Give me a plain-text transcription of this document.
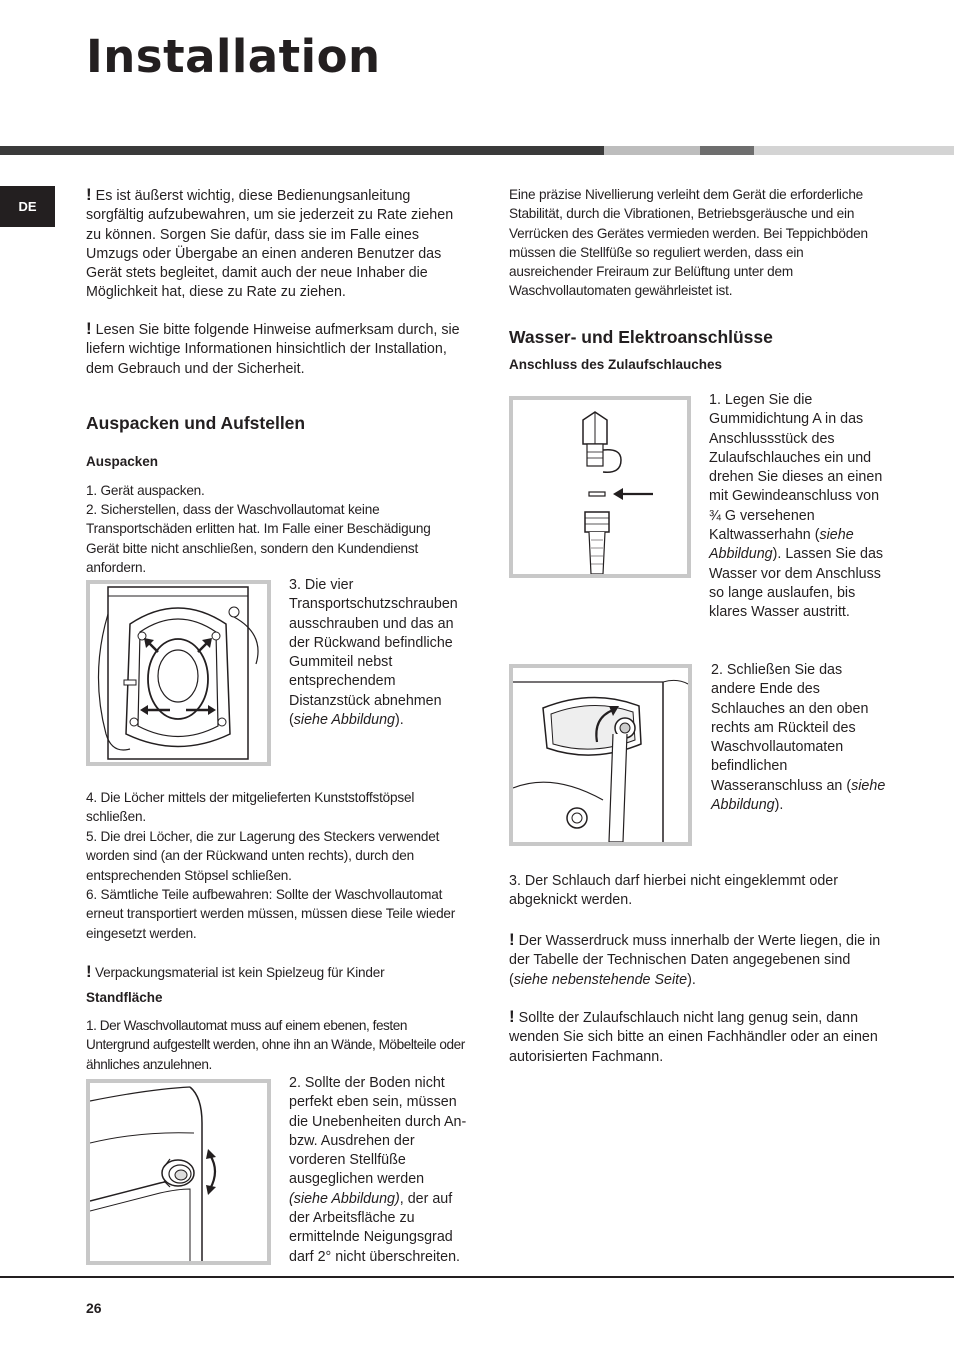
Installation
DE

! Es ist äußerst wichtig, diese Bedienungsanleitung sorgfältig aufzubewahren, um sie jederzeit zu Rate ziehen zu können. Sorgen Sie dafür, dass sie im Falle eines Umzugs oder Übergabe an einen anderen Benutzer das Gerät stets begleitet, damit auch der neue Inhaber die Möglichkeit hat, diese zu Rate zu ziehen.

! Lesen Sie bitte folgende Hinweise aufmerksam durch, sie liefern wichtige Informationen hinsichtlich der Installation, dem Gebrauch und der Sicherheit.

Auspacken und Aufstellen
Auspacken

1. Gerät auspacken.

2. Sicherstellen, dass der Waschvollautomat keine Transportschäden erlitten hat. Im Falle einer Beschädigung Gerät bitte nicht anschließen, sondern den Kundendienst anfordern.

3. Die vier Transportschutzschrauben ausschrauben und das an der Rückwand befindliche Gummiteil nebst entsprechendem Distanzstück abnehmen (siehe Abbildung).

4. Die Löcher mittels der mitgelieferten Kunststoffstöpsel schließen.

5. Die drei Löcher, die zur Lagerung des Steckers verwendet worden sind (an der Rückwand unten rechts), durch den entsprechenden Stöpsel schließen.

6. Sämtliche Teile aufbewahren: Sollte der Waschvollautomat erneut transportiert werden müssen, müssen diese Teile wieder eingesetzt werden.

! Verpackungsmaterial ist kein Spielzeug für Kinder

Standfläche

1. Der Waschvollautomat muss auf einem ebenen, festen Untergrund aufgestellt werden, ohne ihn an Wände, Möbelteile oder ähnliches anzulehnen.

2. Sollte der Boden nicht perfekt eben sein, müssen die Unebenheiten durch An- bzw. Ausdrehen der vorderen Stellfüße ausgeglichen werden (siehe Abbildung), der auf der Arbeitsfläche zu ermittelnde Neigungsgrad darf 2° nicht überschreiten.

Eine präzise Nivellierung verleiht dem Gerät die erforderliche Stabilität, durch die Vibrationen, Betriebsgeräusche und ein Verrücken des Gerätes vermieden werden. Bei Teppichböden müssen die Stellfüße so reguliert werden, dass ein ausreichender Freiraum zur Belüftung unter dem Waschvollautomaten gewährleistet ist.

Wasser- und Elektroanschlüsse
Anschluss des Zulaufschlauches

1. Legen Sie die Gummidichtung A in das Anschlussstück des Zulaufschlauches ein und drehen Sie dieses an einen mit Gewindeanschluss von ¾ G versehenen Kaltwasserhahn (siehe Abbildung). Lassen Sie das Wasser vor dem Anschluss so lange auslaufen, bis klares Wasser austritt.

2. Schließen Sie das andere Ende des Schlauches an den oben rechts am Rückteil des Waschvollautomaten befindlichen Wasseranschluss an (siehe Abbildung).

3. Der Schlauch darf hierbei nicht eingeklemmt oder abgeknickt werden.

! Der Wasserdruck muss innerhalb der Werte liegen, die in der Tabelle der Technischen Daten angegebenen sind (siehe nebenstehende Seite).

! Sollte der Zulaufschlauch nicht lang genug sein, dann wenden Sie sich bitte an einen Fachhändler oder an einen autorisierten Fachmann.

26
